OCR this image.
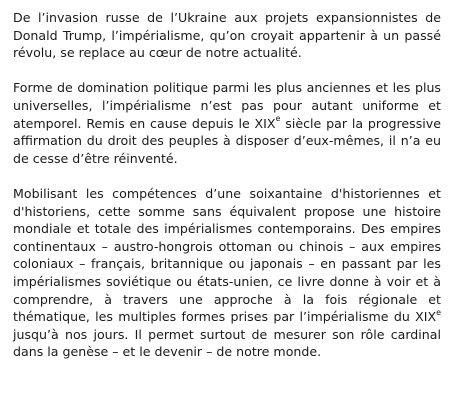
De l’invasion russe de l’Ukraine aux projets expansionnistes de Donald Trump, l’impérialisme, qu’on croyait appartenir à un passé révolu, se replace au cœur de notre actualité.

Forme de domination politique parmi les plus anciennes et les plus universelles, l’impérialisme n’est pas pour autant uniforme et atemporel. Remis en cause depuis le XIXe siècle par la progressive affirmation du droit des peuples à disposer d’eux-mêmes, il n’a eu de cesse d’être réinventé.

Mobilisant les compétences d’une soixantaine d'historiennes et d'historiens, cette somme sans équivalent propose une histoire mondiale et totale des impérialismes contemporains. Des empires continentaux – austro-hongrois ottoman ou chinois – aux empires coloniaux – français, britannique ou japonais – en passant par les impérialismes soviétique ou états-unien, ce livre donne à voir et à comprendre, à travers une approche à la fois régionale et thématique, les multiples formes prises par l’impérialisme du XIXe jusqu’à nos jours. Il permet surtout de mesurer son rôle cardinal dans la genèse – et le devenir – de notre monde.
